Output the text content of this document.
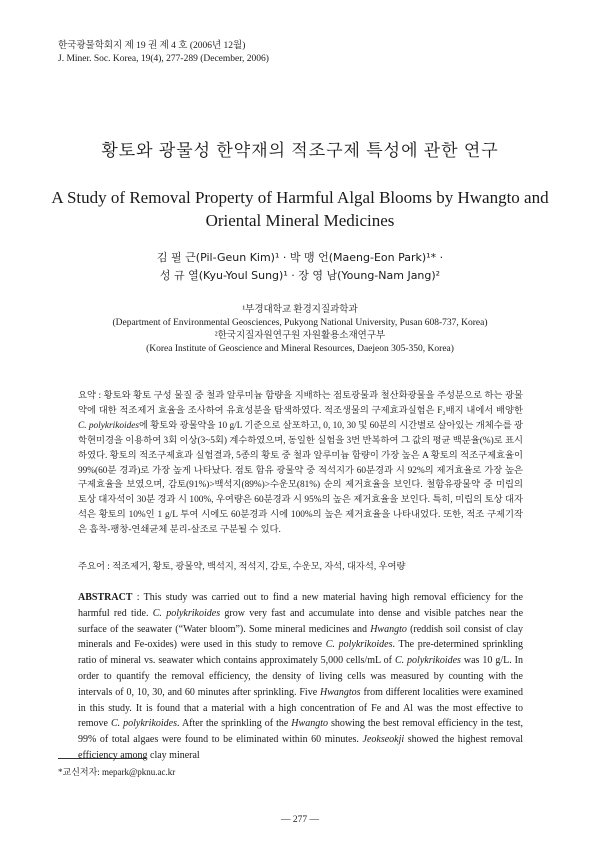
한국광물학회지 제 19 권 제 4 호 (2006년 12월)
J. Miner. Soc. Korea, 19(4), 277-289 (December, 2006)
황토와 광물성 한약재의 적조구제 특성에 관한 연구
A Study of Removal Property of Harmful Algal Blooms by Hwangto and Oriental Mineral Medicines
김 필 근(Pil-Geun Kim)¹ · 박 맹 언(Maeng-Eon Park)¹* ·
성 규 열(Kyu-Youl Sung)¹ · 장 영 남(Young-Nam Jang)²
¹부경대학교 환경지질과학과
(Department of Environmental Geosciences, Pukyong National University, Pusan 608-737, Korea)
²한국지질자원연구원 자원활용소재연구부
(Korea Institute of Geoscience and Mineral Resources, Daejeon 305-350, Korea)
요약 : 황토와 황토 구성 물질 중 철과 알루미늄 함량을 지배하는 점토광물과 철산화광물을 주성분으로 하는 광물약에 대한 적조제거 효율을 조사하여 유효성분을 탐색하였다. 적조생물의 구제효과실험은 F₂배지 내에서 배양한 C. polykrikoides에 황토와 광물약을 10 g/L 기준으로 살포하고, 0, 10, 30 및 60분의 시간별로 살아있는 개체수를 광학현미경을 이용하여 3회 이상(3~5회) 계수하였으며, 동일한 실험을 3번 반복하여 그 값의 평균 백분율(%)로 표시하였다. 황토의 적조구제효과 실험결과, 5종의 황토 중 철과 알루미늄 함량이 가장 높은 A 황토의 적조구제효율이 99%(60분 경과)로 가장 높게 나타났다. 점토 함유 광물약 중 적석지가 60분경과 시 92%의 제거효율로 가장 높은 구제효율을 보였으며, 감토(91%)>백석지(89%)>수운모(81%) 순의 제거효율을 보인다. 철함유광물약 중 미립의 토상 대자석이 30분 경과 시 100%, 우여량은 60분경과 시 95%의 높은 제거효율을 보인다. 특히, 미립의 토상 대자석은 황토의 10%인 1 g/L 투여 시에도 60분경과 시에 100%의 높은 제거효율을 나타내었다. 또한, 적조 구제기작은 흡착-팽창-연쇄균체 분리-살조로 구분될 수 있다.
주요어 : 적조제거, 황토, 광물약, 백석지, 적석지, 감토, 수운모, 자석, 대자석, 우여량
ABSTRACT : This study was carried out to find a new material having high removal efficiency for the harmful red tide. C. polykrikoides grow very fast and accumulate into dense and visible patches near the surface of the seawater (“Water bloom”). Some mineral medicines and Hwangto (reddish soil consist of clay minerals and Fe-oxides) were used in this study to remove C. polykrikoides. The pre-determined sprinkling ratio of mineral vs. seawater which contains approximately 5,000 cells/mL of C. polykrikoides was 10 g/L. In order to quantify the removal efficiency, the density of living cells was measured by counting with the intervals of 0, 10, 30, and 60 minutes after sprinkling. Five Hwangtos from different localities were examined in this study. It is found that a material with a high concentration of Fe and Al was the most effective to remove C. polykrikoides. After the sprinkling of the Hwangto showing the best removal efficiency in the test, 99% of total algaes were found to be eliminated within 60 minutes. Jeokseokji showed the highest removal efficiency among clay mineral
*교신저자: mepark@pknu.ac.kr
— 277 —
